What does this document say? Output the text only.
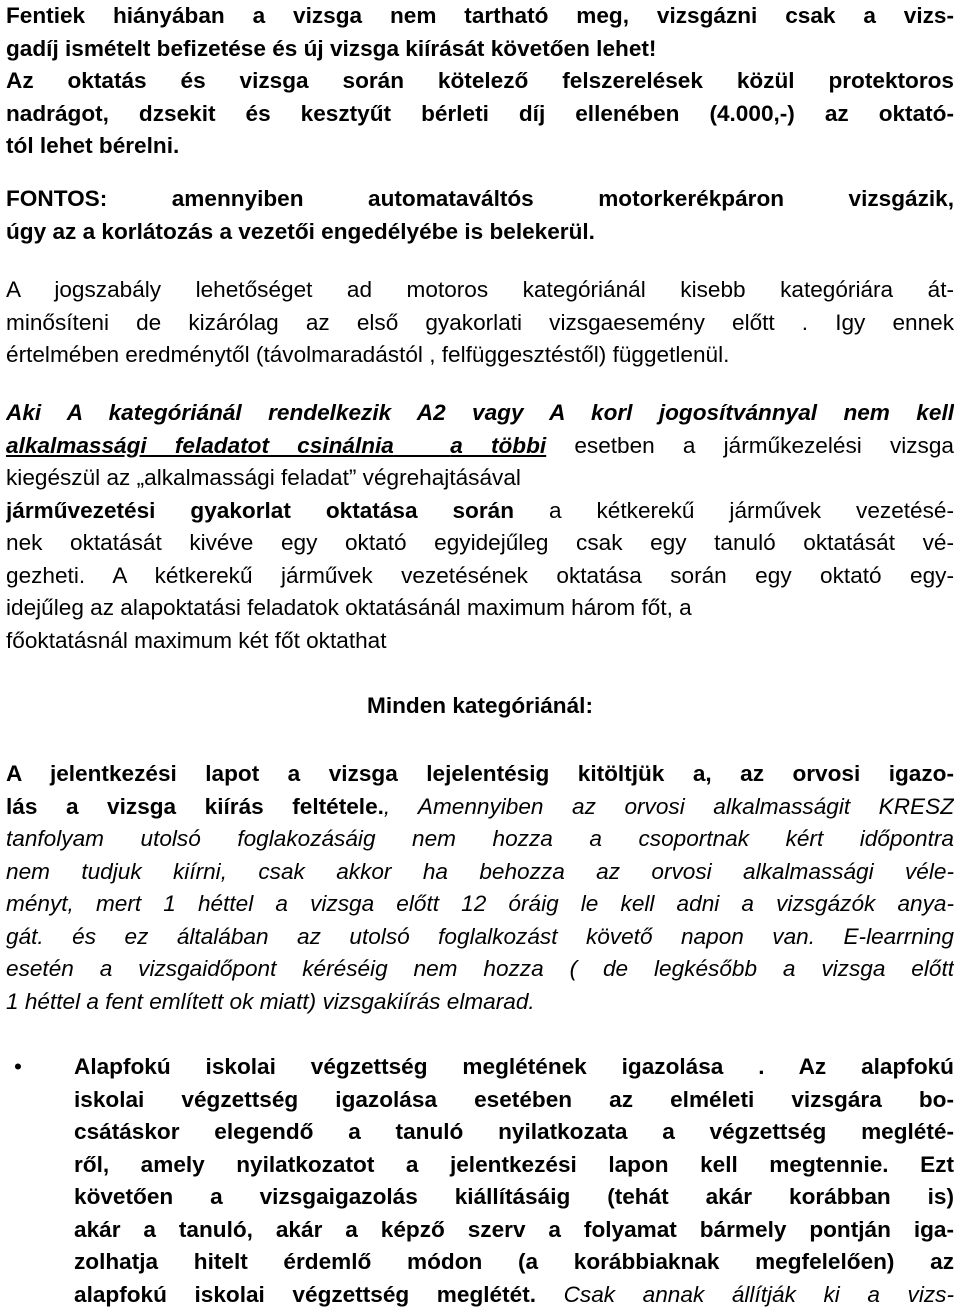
Fentiek hiányában a vizsga nem tartható meg, vizsgázni csak a vizs-
gadíj ismételt befizetése és új vizsga kiírását követően lehet!
Az oktatás és vizsga során kötelező felszerelések közül protektoros
nadrágot, dzsekit és kesztyűt bérleti díj ellenében (4.000,-) az oktató-
tól lehet bérelni.
FONTOS: amennyiben automataváltós motorkerékpáron vizsgázik,
úgy az a korlátozás a vezetői engedélyébe is belekerül.
A jogszabály lehetőséget ad motoros kategóriánál kisebb kategóriára át-
minősíteni de kizárólag az első gyakorlati vizsgaesemény előtt . Igy ennek
értelmében eredménytől (távolmaradástól , felfüggesztéstől) függetlenül.
Aki A kategóriánál rendelkezik A2 vagy A korl jogosítvánnyal nem kell
alkalmassági feladatot csinálnia a többi esetben a járműkezelési vizsga
kiegészül az „alkalmassági feladat” végrehajtásával
járművezetési gyakorlat oktatása során a kétkerekű járművek vezetésé-
nek oktatását kivéve egy oktató egyidejűleg csak egy tanuló oktatását vé-
gezheti. A kétkerekű járművek vezetésének oktatása során egy oktató egy-
idejűleg az alapoktatási feladatok oktatásánál maximum három főt, a
főoktatásnál maximum két főt oktathat
Minden kategóriánál:
A jelentkezési lapot a vizsga lejelentésig kitöltjük a, az orvosi igazo-
lás a vizsga kiírás feltétele., Amennyiben az orvosi alkalmasságit KRESZ
tanfolyam utolsó foglakozásáig nem hozza a csoportnak kért időpontra
nem tudjuk kiírni, csak akkor ha behozza az orvosi alkalmassági véle-
ményt, mert 1 héttel a vizsga előtt 12 óráig le kell adni a vizsgázók anya-
gát. és ez általában az utolsó foglalkozást követő napon van. E-learrning
esetén a vizsgaidőpont kéréséig nem hozza ( de legkésőbb a vizsga előtt
1 héttel a fent említett ok miatt) vizsgakiírás elmarad.
• Alapfokú iskolai végzettség meglétének igazolása . Az alapfokú
iskolai végzettség igazolása esetében az elméleti vizsgára bo-
csátáskor elegendő a tanuló nyilatkozata a végzettség meglété-
ről, amely nyilatkozatot a jelentkezési lapon kell megtennie. Ezt
követően a vizsgaigazolás kiállításáig (tehát akár korábban is)
akár a tanuló, akár a képző szerv a folyamat bármely pontján iga-
zolhatja hitelt érdemlő módon (a korábbiaknak megfelelően) az
alapfokú iskolai végzettség meglétét. Csak annak állítják ki a vizs-
